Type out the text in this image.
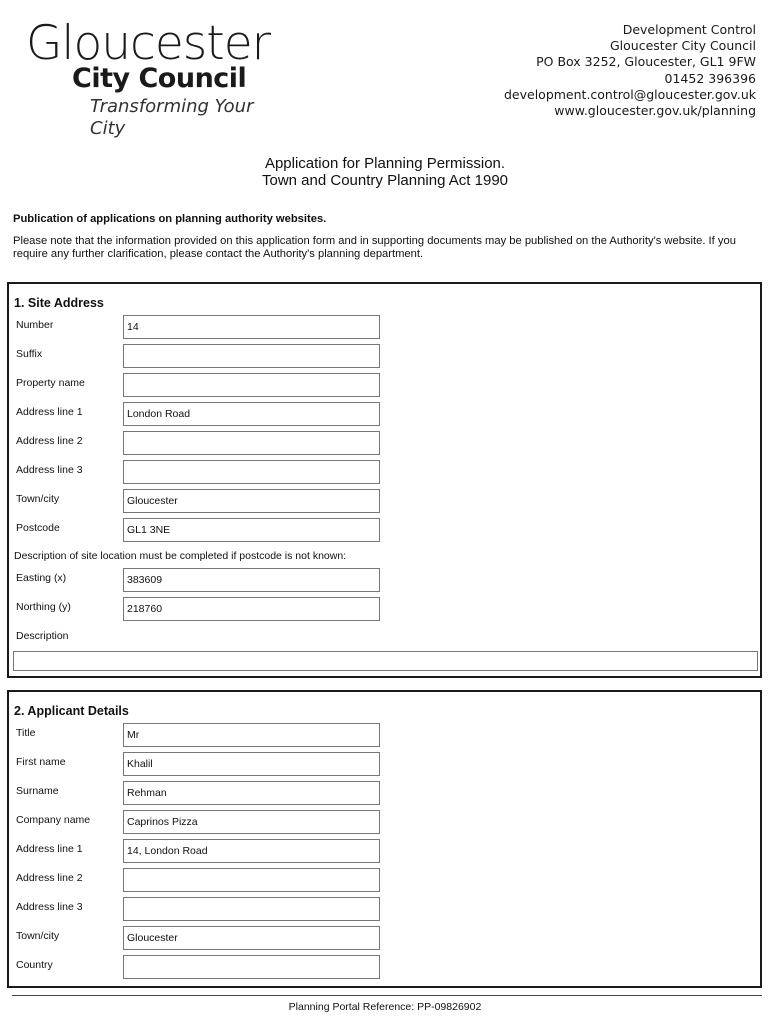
Gloucester
City Council
Transforming Your City
Development Control
Gloucester City Council
PO Box 3252, Gloucester, GL1 9FW
01452 396396
development.control@gloucester.gov.uk
www.gloucester.gov.uk/planning
Application for Planning Permission.
Town and Country Planning Act 1990
Publication of applications on planning authority websites.
Please note that the information provided on this application form and in supporting documents may be published on the Authority's website. If you require any further clarification, please contact the Authority's planning department.
1. Site Address
Number	14
Suffix
Property name
Address line 1	London Road
Address line 2
Address line 3
Town/city	Gloucester
Postcode	GL1 3NE
Description of site location must be completed if postcode is not known:
Easting (x)	383609
Northing (y)	218760
Description
2. Applicant Details
Title	Mr
First name	Khalil
Surname	Rehman
Company name	Caprinos Pizza
Address line 1	14, London Road
Address line 2
Address line 3
Town/city	Gloucester
Country
Planning Portal Reference: PP-09826902
